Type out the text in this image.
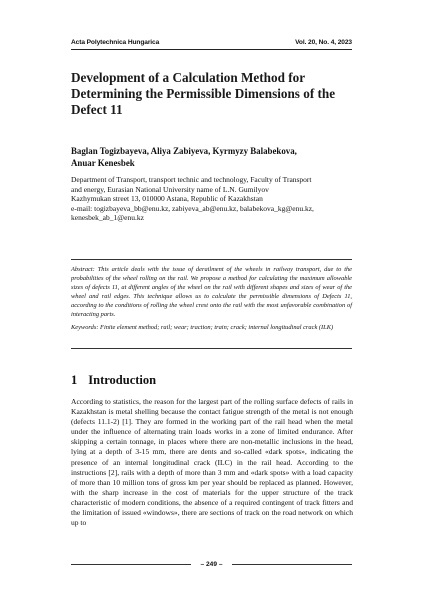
Acta Polytechnica Hungarica	Vol. 20, No. 4, 2023
Development of a Calculation Method for Determining the Permissible Dimensions of the Defect 11

Baglan Togizbayeva, Aliya Zabiyeva, Kyrmyzy Balabekova,
Anuar Kenesbek

Department of Transport, transport technic and technology, Faculty of Transport
and energy, Eurasian National University name of L.N. Gumilyov
Kazhymukan street 13, 010000 Astana, Republic of Kazakhstan
e-mail: togizbayeva_bb@enu.kz, zabiyeva_ab@enu.kz, balabekova_kg@enu.kz,
kenesbek_ab_1@enu.kz

Abstract: This article deals with the issue of derailment of the wheels in railway transport, due to the probabilities of the wheel rolling on the rail. We propose a method for calculating the maximum allowable sizes of defects 11, at different angles of the wheel on the rail with different shapes and sizes of wear of the wheel and rail edges. This technique allows us to calculate the permissible dimensions of Defects 11, according to the conditions of rolling the wheel crest onto the rail with the most unfavorable combination of interacting parts.

Keywords: Finite element method; rail; wear; traction; train; crack; internal longitudinal crack (ILK)

1 Introduction

According to statistics, the reason for the largest part of the rolling surface defects of rails in Kazakhstan is metal shelling because the contact fatigue strength of the metal is not enough (defects 11.1-2) [1]. They are formed in the working part of the rail head when the metal under the influence of alternating train loads works in a zone of limited endurance. After skipping a certain tonnage, in places where there are non-metallic inclusions in the head, lying at a depth of 3-15 mm, there are dents and so-called «dark spots», indicating the presence of an internal longitudinal crack (ILC) in the rail head. According to the instructions [2], rails with a depth of more than 3 mm and «dark spots» with a load capacity of more than 10 million tons of gross km per year should be replaced as planned. However, with the sharp increase in the cost of materials for the upper structure of the track characteristic of modern conditions, the absence of a required contingent of track fitters and the limitation of issued «windows», there are sections of track on the road network on which up to

– 249 –
